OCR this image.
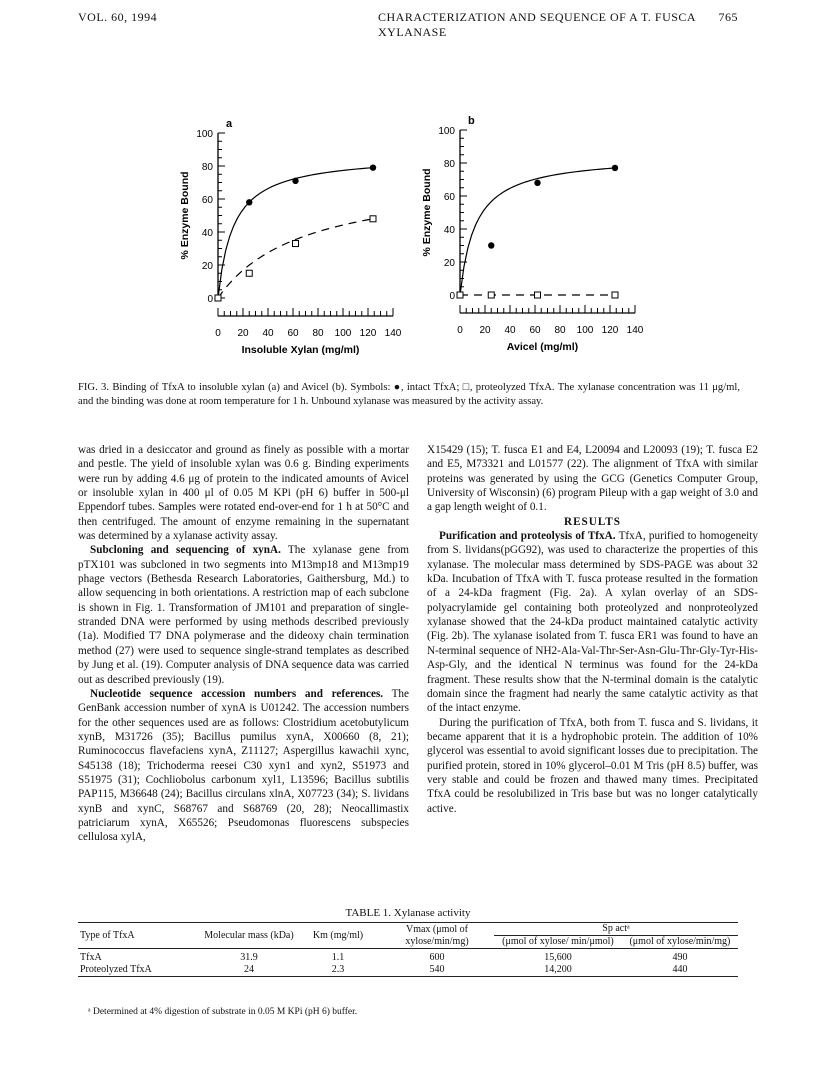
VOL. 60, 1994	CHARACTERIZATION AND SEQUENCE OF A T. FUSCA XYLANASE
765
0 20 40 60 80 100 120 140
0
20
40
60
80
100
Insoluble Xylan (mg/ml)
% Enzyme Bound
a
0 20 40 60 80 100 120 140
0
20
40
60
80
100
Avicel (mg/ml)
% Enzyme Bound
b
FIG. 3. Binding of TfxA to insoluble xylan (a) and Avicel (b). Symbols: ●, intact TfxA; □, proteolyzed TfxA. The xylanase concentration was 11 μg/ml, and the binding was done at room temperature for 1 h. Unbound xylanase was measured by the activity assay.

was dried in a desiccator and ground as finely as possible with a mortar and pestle. The yield of insoluble xylan was 0.6 g. Binding experiments were run by adding 4.6 μg of protein to the indicated amounts of Avicel or insoluble xylan in 400 μl of 0.05 M KPi (pH 6) buffer in 500-μl Eppendorf tubes. Samples were rotated end-over-end for 1 h at 50°C and then centrifuged. The amount of enzyme remaining in the supernatant was determined by a xylanase activity assay.

Subcloning and sequencing of xynA. The xylanase gene from pTX101 was subcloned in two segments into M13mp18 and M13mp19 phage vectors (Bethesda Research Laboratories, Gaithersburg, Md.) to allow sequencing in both orientations. A restriction map of each subclone is shown in Fig. 1. Transformation of JM101 and preparation of single-stranded DNA were performed by using methods described previously (1a). Modified T7 DNA polymerase and the dideoxy chain termination method (27) were used to sequence single-strand templates as described by Jung et al. (19). Computer analysis of DNA sequence data was carried out as described previously (19).

Nucleotide sequence accession numbers and references. The GenBank accession number of xynA is U01242. The accession numbers for the other sequences used are as follows: Clostridium acetobutylicum xynB, M31726 (35); Bacillus pumilus xynA, X00660 (8, 21); Ruminococcus flavefaciens xynA, Z11127; Aspergillus kawachii xync, S45138 (18); Trichoderma reesei C30 xyn1 and xyn2, S51973 and S51975 (31); Cochliobolus carbonum xyl1, L13596; Bacillus subtilis PAP115, M36648 (24); Bacillus circulans xlnA, X07723 (34); S. lividans xynB and xynC, S68767 and S68769 (20, 28); Neocallimastix patriciarum xynA, X65526; Pseudomonas fluorescens subspecies cellulosa xylA,

X15429 (15); T. fusca E1 and E4, L20094 and L20093 (19); T. fusca E2 and E5, M73321 and L01577 (22). The alignment of TfxA with similar proteins was generated by using the GCG (Genetics Computer Group, University of Wisconsin) (6) program Pileup with a gap weight of 3.0 and a gap length weight of 0.1.

RESULTS

Purification and proteolysis of TfxA. TfxA, purified to homogeneity from S. lividans(pGG92), was used to characterize the properties of this xylanase. The molecular mass determined by SDS-PAGE was about 32 kDa. Incubation of TfxA with T. fusca protease resulted in the formation of a 24-kDa fragment (Fig. 2a). A xylan overlay of an SDS-polyacrylamide gel containing both proteolyzed and nonproteolyzed xylanase showed that the 24-kDa product maintained catalytic activity (Fig. 2b). The xylanase isolated from T. fusca ER1 was found to have an N-terminal sequence of NH2-Ala-Val-Thr-Ser-Asn-Glu-Thr-Gly-Tyr-His-Asp-Gly, and the identical N terminus was found for the 24-kDa fragment. These results show that the N-terminal domain is the catalytic domain since the fragment had nearly the same catalytic activity as that of the intact enzyme.

During the purification of TfxA, both from T. fusca and S. lividans, it became apparent that it is a hydrophobic protein. The addition of 10% glycerol was essential to avoid significant losses due to precipitation. The purified protein, stored in 10% glycerol–0.01 M Tris (pH 8.5) buffer, was very stable and could be frozen and thawed many times. Precipitated TfxA could be resolubilized in Tris base but was no longer catalytically active.

TABLE 1. Xylanase activity
Type of TfxA	Molecular mass (kDa)	Km (mg/ml)	Vmax (μmol of xylose/min/mg)	Sp actᵃ	
				(μmol of xylose/ min/μmol)	(μmol of xylose/min/mg)
TfxA	31.9	1.1	600	15,600	490
Proteolyzed TfxA	24	2.3	540	14,200	440

ᵃ Determined at 4% digestion of substrate in 0.05 M KPi (pH 6) buffer.
